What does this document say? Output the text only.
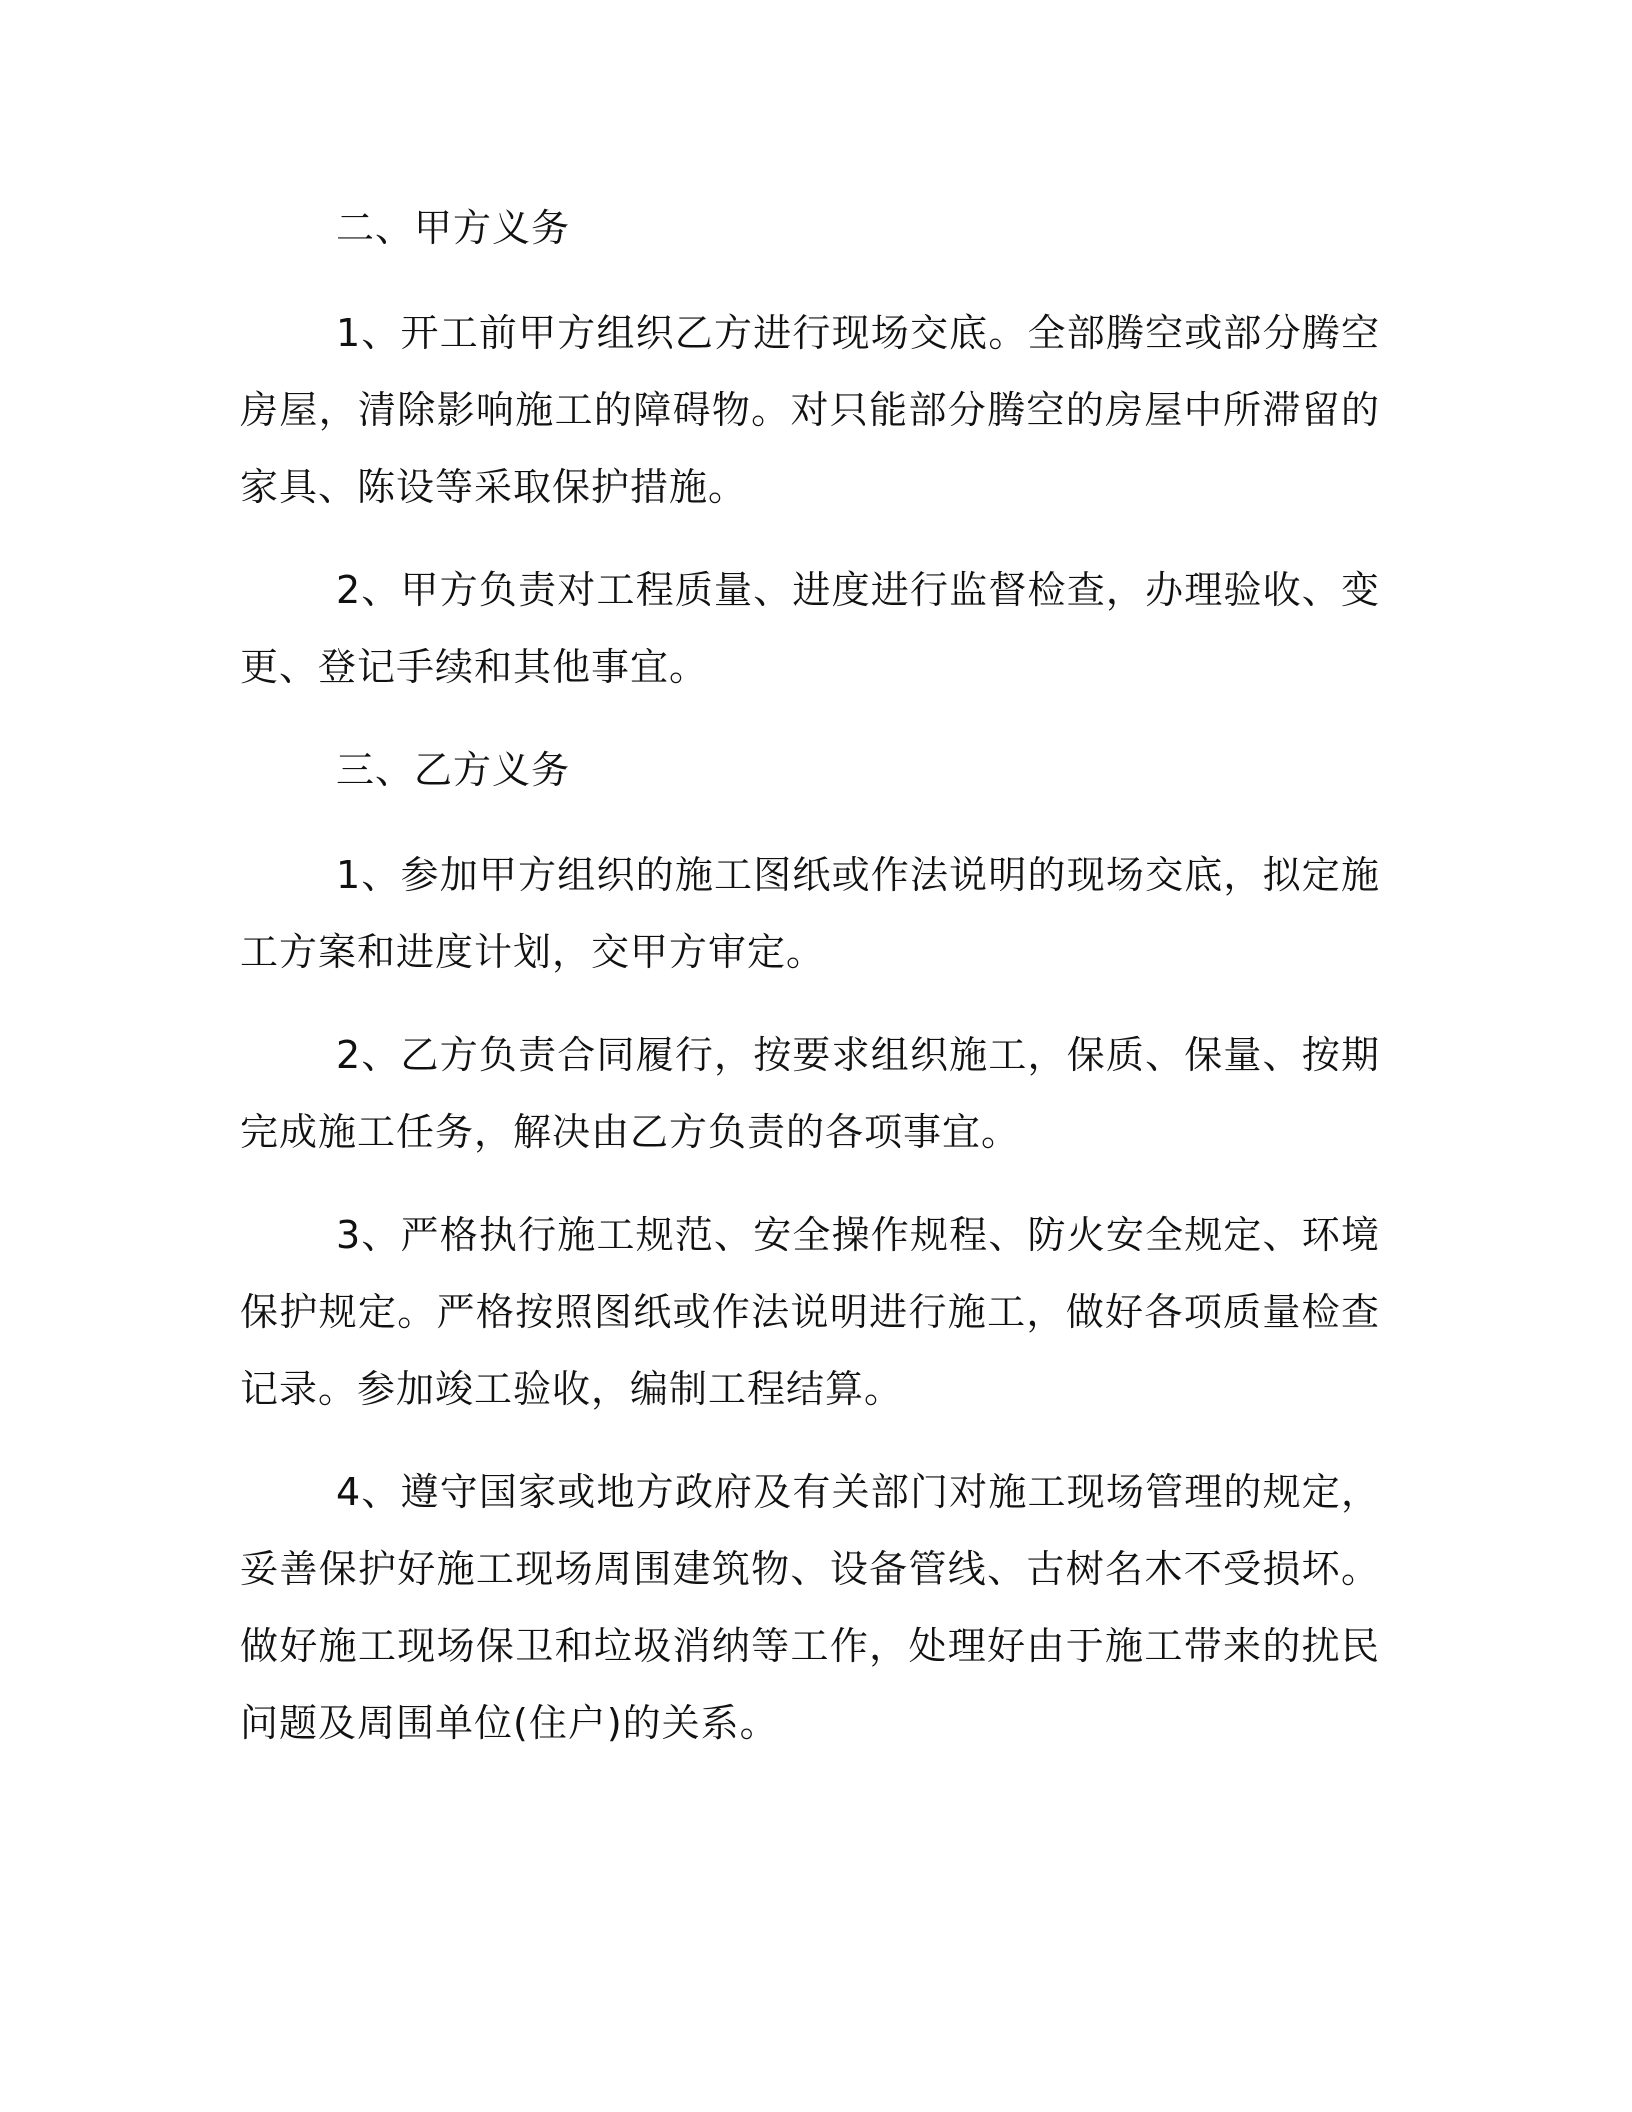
二、甲方义务

1、开工前甲方组织乙方进行现场交底。全部腾空或部分腾空房屋，清除影响施工的障碍物。对只能部分腾空的房屋中所滞留的家具、陈设等采取保护措施。

2、甲方负责对工程质量、进度进行监督检查，办理验收、变更、登记手续和其他事宜。

三、乙方义务

1、参加甲方组织的施工图纸或作法说明的现场交底，拟定施工方案和进度计划，交甲方审定。

2、乙方负责合同履行，按要求组织施工，保质、保量、按期完成施工任务，解决由乙方负责的各项事宜。

3、严格执行施工规范、安全操作规程、防火安全规定、环境保护规定。严格按照图纸或作法说明进行施工，做好各项质量检查记录。参加竣工验收，编制工程结算。

4、遵守国家或地方政府及有关部门对施工现场管理的规定，妥善保护好施工现场周围建筑物、设备管线、古树名木不受损坏。做好施工现场保卫和垃圾消纳等工作，处理好由于施工带来的扰民问题及周围单位(住户)的关系。
